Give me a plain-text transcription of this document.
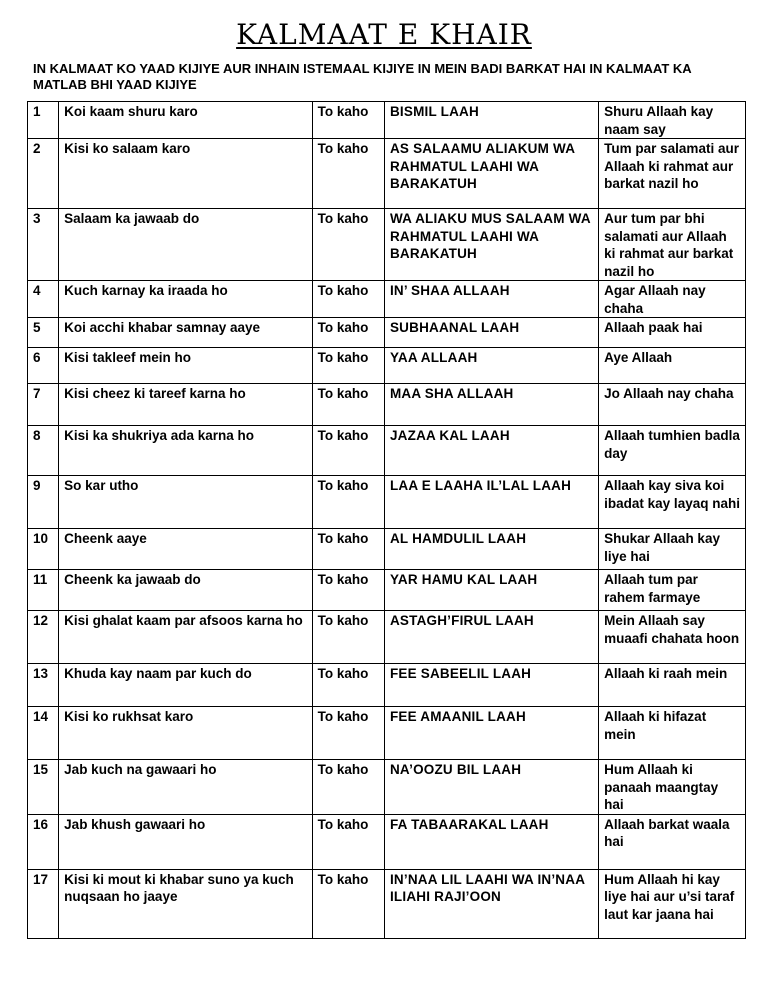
KALMAAT E KHAIR
IN KALMAAT KO YAAD KIJIYE AUR INHAIN ISTEMAAL KIJIYE IN MEIN BADI BARKAT HAI IN KALMAAT KA MATLAB BHI YAAD KIJIYE
1	Koi kaam shuru karo	To kaho	BISMIL LAAH	Shuru Allaah kay naam say
2	Kisi ko salaam karo	To kaho	AS SALAAMU ALIAKUM WA RAHMATUL LAAHI WA BARAKATUH	Tum par salamati aur Allaah ki rahmat aur barkat nazil ho
3	Salaam ka jawaab do	To kaho	WA ALIAKU MUS SALAAM WA RAHMATUL LAAHI WA BARAKATUH	Aur tum par bhi salamati aur Allaah ki rahmat aur barkat nazil ho
4	Kuch karnay ka iraada ho	To kaho	IN’ SHAA ALLAAH	Agar Allaah nay chaha
5	Koi acchi khabar samnay aaye	To kaho	SUBHAANAL LAAH	Allaah paak hai
6	Kisi takleef mein ho	To kaho	YAA ALLAAH	Aye Allaah
7	Kisi cheez ki tareef karna ho	To kaho	MAA SHA ALLAAH	Jo Allaah nay chaha
8	Kisi ka shukriya ada karna ho	To kaho	JAZAA KAL LAAH	Allaah tumhien badla day
9	So kar utho	To kaho	LAA E LAAHA IL’LAL LAAH	Allaah kay siva koi ibadat kay layaq nahi
10	Cheenk aaye	To kaho	AL HAMDULIL LAAH	Shukar Allaah kay liye hai
11	Cheenk ka jawaab do	To kaho	YAR HAMU KAL LAAH	Allaah tum par rahem farmaye
12	Kisi ghalat kaam par afsoos karna ho	To kaho	ASTAGH’FIRUL LAAH	Mein Allaah say muaafi chahata hoon
13	Khuda kay naam par kuch do	To kaho	FEE SABEELIL LAAH	Allaah ki raah mein
14	Kisi ko rukhsat karo	To kaho	FEE AMAANIL LAAH	Allaah ki hifazat mein
15	Jab kuch na gawaari ho	To kaho	NA’OOZU BIL LAAH	Hum Allaah ki panaah maangtay hai
16	Jab khush gawaari ho	To kaho	FA TABAARAKAL LAAH	Allaah barkat waala hai
17	Kisi ki mout ki khabar suno ya kuch nuqsaan ho jaaye	To kaho	IN’NAA LIL LAAHI WA IN’NAA ILIAHI RAJI’OON	Hum Allaah hi kay liye hai aur u’si taraf laut kar jaana hai
